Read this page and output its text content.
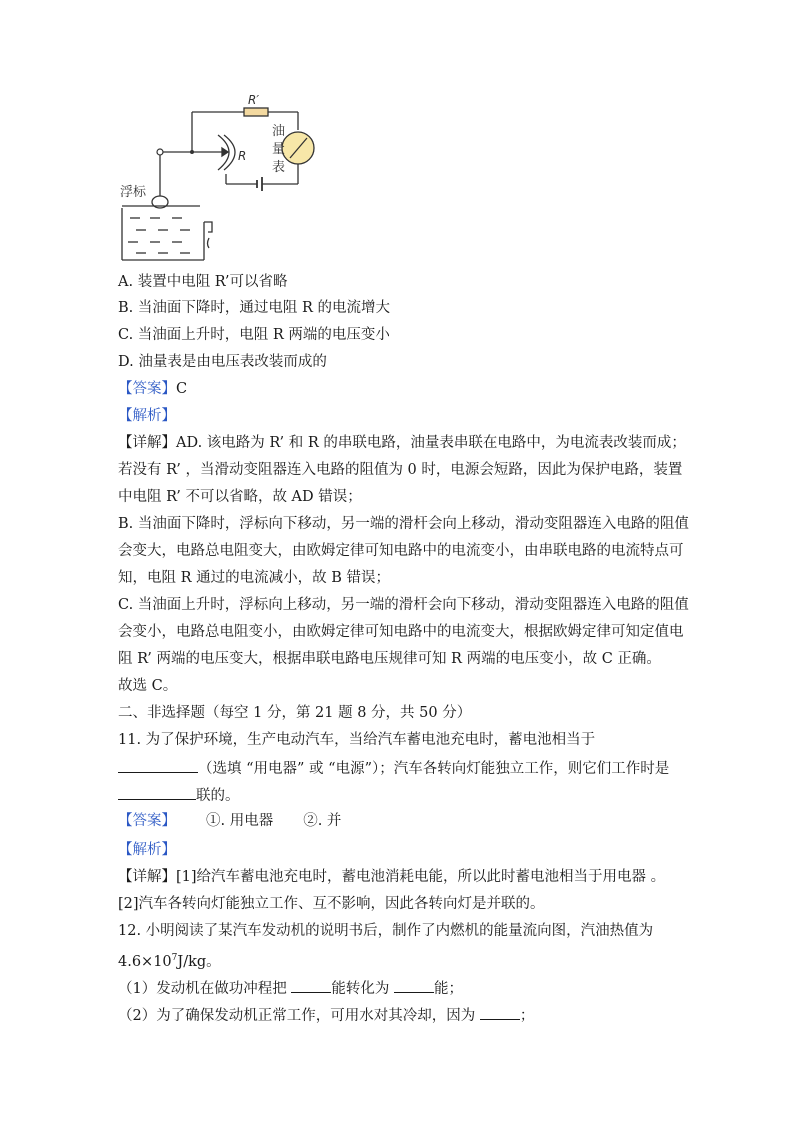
R′
R
油
量
表
浮标
A. 装置中电阻 R’可以省略
B. 当油面下降时，通过电阻 R 的电流增大
C. 当油面上升时，电阻 R 两端的电压变小
D. 油量表是由电压表改装而成的
【答案】C
【解析】
【详解】AD. 该电路为 R’ 和 R 的串联电路，油量表串联在电路中，为电流表改装而成；
若没有 R’ ，当滑动变阻器连入电路的阻值为 0 时，电源会短路，因此为保护电路，装置
中电阻 R’ 不可以省略，故 AD 错误；
B. 当油面下降时，浮标向下移动，另一端的滑杆会向上移动，滑动变阻器连入电路的阻值
会变大，电路总电阻变大，由欧姆定律可知电路中的电流变小，由串联电路的电流特点可
知，电阻 R 通过的电流减小，故 B 错误；
C. 当油面上升时，浮标向上移动，另一端的滑杆会向下移动，滑动变阻器连入电路的阻值
会变小，电路总电阻变小，由欧姆定律可知电路中的电流变大，根据欧姆定律可知定值电
阻 R’ 两端的电压变大，根据串联电路电压规律可知 R 两端的电压变小，故 C 正确。
故选 C。
二、非选择题（每空 1 分，第 21 题 8 分，共 50 分）
11. 为了保护环境，生产电动汽车，当给汽车蓄电池充电时，蓄电池相当于
（选填 “用电器” 或 “电源”）；汽车各转向灯能独立工作，则它们工作时是
联的。
【答案】 ①. 用电器 ②. 并
【解析】
【详解】[1]给汽车蓄电池充电时，蓄电池消耗电能，所以此时蓄电池相当于用电器 。
[2]汽车各转向灯能独立工作、互不影响，因此各转向灯是并联的。
12. 小明阅读了某汽车发动机的说明书后，制作了内燃机的能量流向图，汽油热值为
$4.6\times 10^7J/kg$。
（1）发动机在做功冲程把	能转化为	能；
（2）为了确保发动机正常工作，可用水对其冷却，因为	；
